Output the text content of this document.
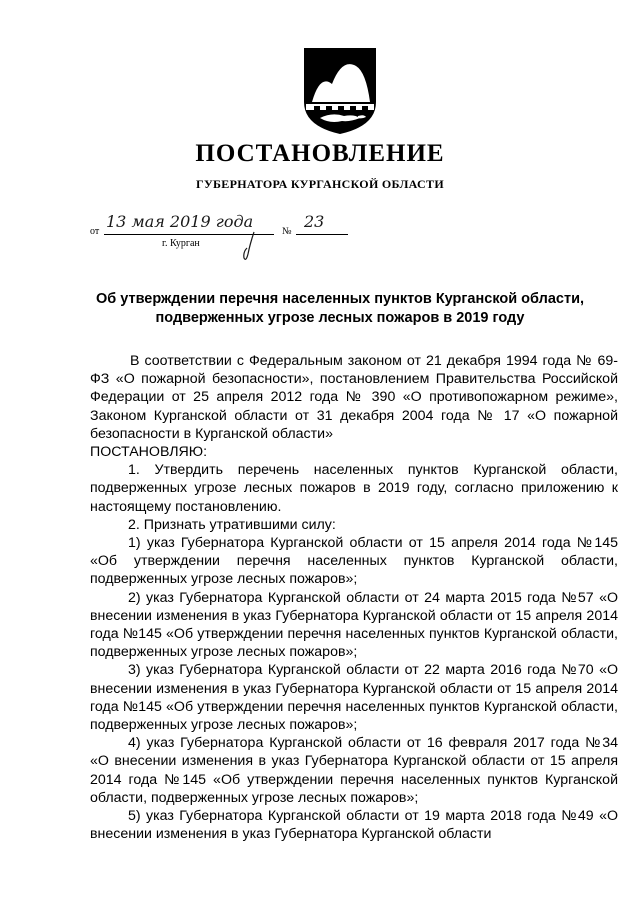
ПОСТАНОВЛЕНИЕ
ГУБЕРНАТОРА КУРГАНСКОЙ ОБЛАСТИ
от
13 мая 2019 года
№
23
г. Курган
Об утверждении перечня населенных пунктов Курганской области,
подверженных угрозе лесных пожаров в 2019 году

В соответствии с Федеральным законом от 21 декабря 1994 года № 69-ФЗ «О пожарной безопасности», постановлением Правительства Российской Федерации от 25 апреля 2012 года № 390 «О противопожарном режиме», Законом Курганской области от 31 декабря 2004 года № 17 «О пожарной безопасности в Курганской области»

ПОСТАНОВЛЯЮ:

1. Утвердить перечень населенных пунктов Курганской области, подверженных угрозе лесных пожаров в 2019 году, согласно приложению к настоящему постановлению.

2. Признать утратившими силу:

1) указ Губернатора Курганской области от 15 апреля 2014 года №145 «Об утверждении перечня населенных пунктов Курганской области, подверженных угрозе лесных пожаров»;

2) указ Губернатора Курганской области от 24 марта 2015 года №57 «О внесении изменения в указ Губернатора Курганской области от 15 апреля 2014 года №145 «Об утверждении перечня населенных пунктов Курганской области, подверженных угрозе лесных пожаров»;

3) указ Губернатора Курганской области от 22 марта 2016 года №70 «О внесении изменения в указ Губернатора Курганской области от 15 апреля 2014 года №145 «Об утверждении перечня населенных пунктов Курганской области, подверженных угрозе лесных пожаров»;

4) указ Губернатора Курганской области от 16 февраля 2017 года №34 «О внесении изменения в указ Губернатора Курганской области от 15 апреля 2014 года №145 «Об утверждении перечня населенных пунктов Курганской области, подверженных угрозе лесных пожаров»;

5) указ Губернатора Курганской области от 19 марта 2018 года №49 «О внесении изменения в указ Губернатора Курганской области
